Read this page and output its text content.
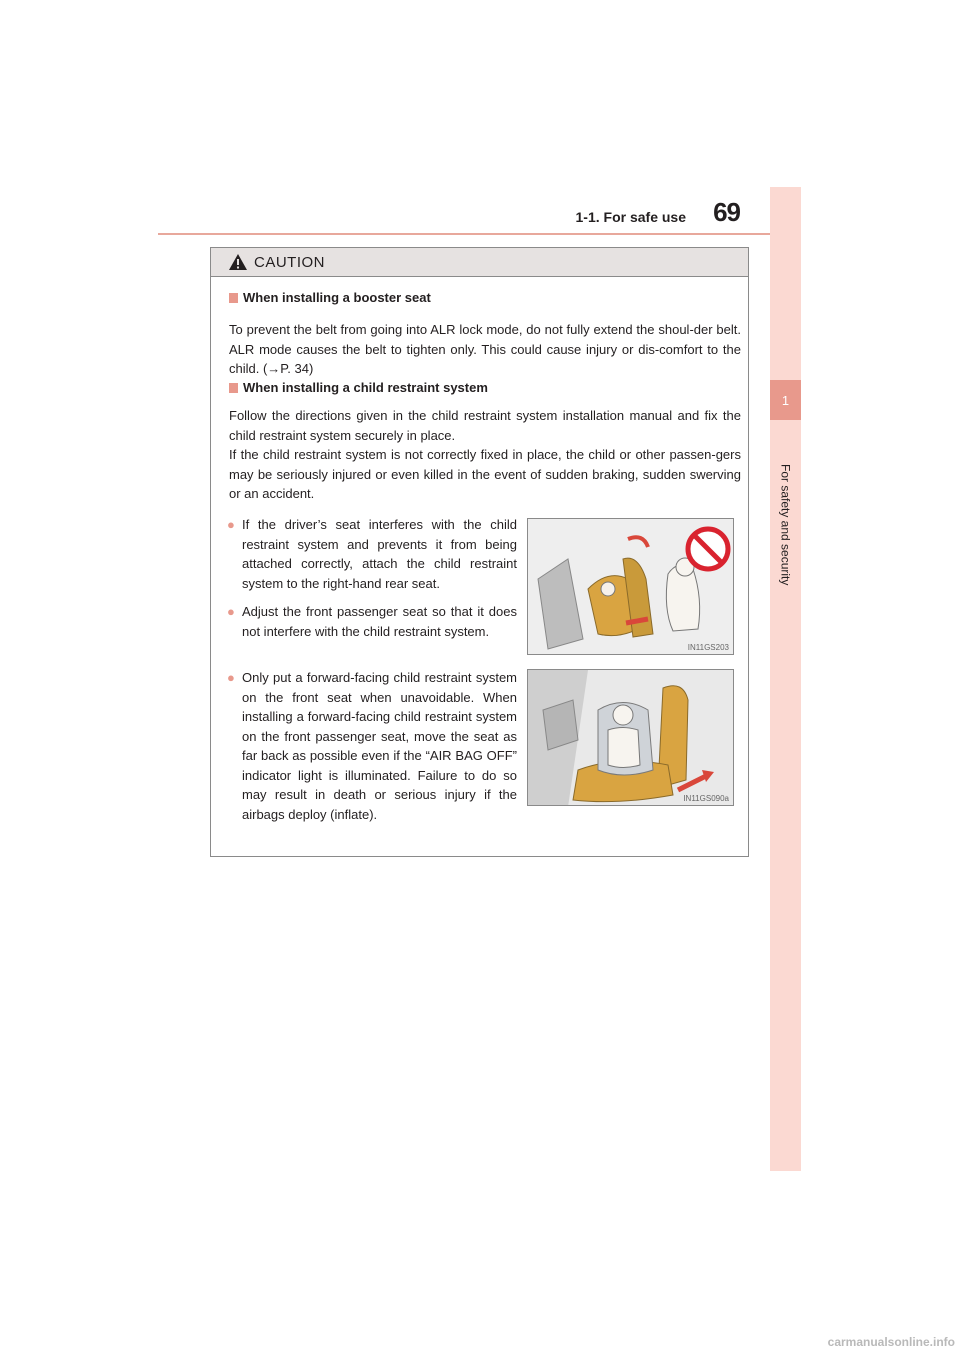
1-1. For safe use	69
1
For safety and security
CAUTION
When installing a booster seat
To prevent the belt from going into ALR lock mode, do not fully extend the shoul-der belt. ALR mode causes the belt to tighten only. This could cause injury or dis-comfort to the child. (→P. 34)
When installing a child restraint system
Follow the directions given in the child restraint system installation manual and fix the child restraint system securely in place.
If the child restraint system is not correctly fixed in place, the child or other passen-gers may be seriously injured or even killed in the event of sudden braking, sudden swerving or an accident.
● If the driver’s seat interferes with the child restraint system and prevents it from being attached correctly, attach the child restraint system to the right-hand rear seat.
● Adjust the front passenger seat so that it does not interfere with the child restraint system.
● Only put a forward-facing child restraint system on the front seat when unavoidable. When installing a forward-facing child restraint system on the front passenger seat, move the seat as far back as possible even if the “AIR BAG OFF” indicator light is illuminated. Failure to do so may result in death or serious injury if the airbags deploy (inflate).
IN11GS203
IN11GS090a
carmanualsonline.info
